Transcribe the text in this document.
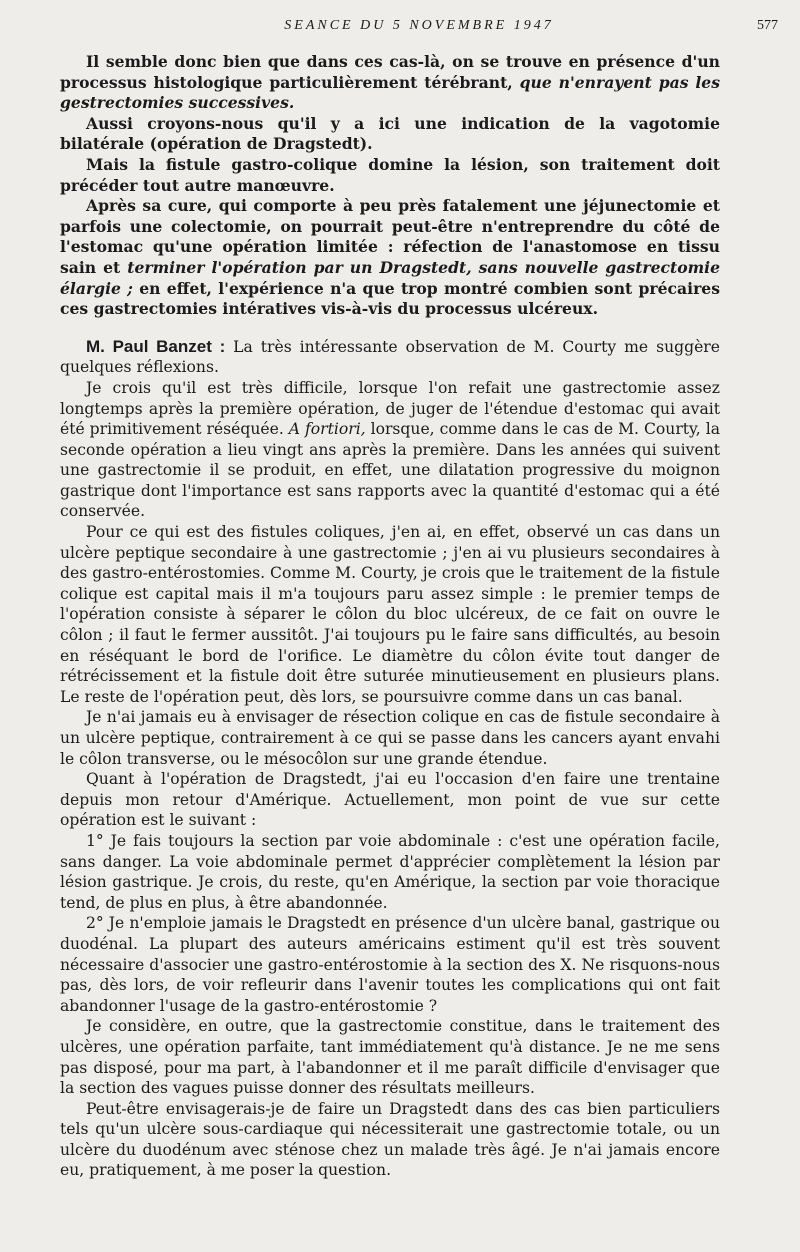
SEANCE DU 5 NOVEMBRE 1947	577

Il semble donc bien que dans ces cas-là, on se trouve en présence d'un processus histologique particulièrement térébrant, que n'enrayent pas les gestrectomies successives.

Aussi croyons-nous qu'il y a ici une indication de la vagotomie bilatérale (opération de Dragstedt).

Mais la fistule gastro-colique domine la lésion, son traitement doit précéder tout autre manœuvre.

Après sa cure, qui comporte à peu près fatalement une jéjunectomie et parfois une colectomie, on pourrait peut-être n'entreprendre du côté de l'estomac qu'une opération limitée : réfection de l'anastomose en tissu sain et terminer l'opération par un Dragstedt, sans nouvelle gastrectomie élargie ; en effet, l'expérience n'a que trop montré combien sont précaires ces gastrectomies intératives vis-à-vis du processus ulcéreux.

M. Paul Banzet : La très intéressante observation de M. Courty me suggère quelques réflexions.

Je crois qu'il est très difficile, lorsque l'on refait une gastrectomie assez longtemps après la première opération, de juger de l'étendue d'estomac qui avait été primitivement réséquée. A fortiori, lorsque, comme dans le cas de M. Courty, la seconde opération a lieu vingt ans après la première. Dans les années qui suivent une gastrectomie il se produit, en effet, une dilatation progressive du moignon gastrique dont l'importance est sans rapports avec la quantité d'estomac qui a été conservée.

Pour ce qui est des fistules coliques, j'en ai, en effet, observé un cas dans un ulcère peptique secondaire à une gastrectomie ; j'en ai vu plusieurs secondaires à des gastro-entérostomies. Comme M. Courty, je crois que le traitement de la fistule colique est capital mais il m'a toujours paru assez simple : le premier temps de l'opération consiste à séparer le côlon du bloc ulcéreux, de ce fait on ouvre le côlon ; il faut le fermer aussitôt. J'ai toujours pu le faire sans difficultés, au besoin en réséquant le bord de l'orifice. Le diamètre du côlon évite tout danger de rétrécissement et la fistule doit être suturée minutieusement en plusieurs plans. Le reste de l'opération peut, dès lors, se poursuivre comme dans un cas banal.

Je n'ai jamais eu à envisager de résection colique en cas de fistule secondaire à un ulcère peptique, contrairement à ce qui se passe dans les cancers ayant envahi le côlon transverse, ou le mésocôlon sur une grande étendue.

Quant à l'opération de Dragstedt, j'ai eu l'occasion d'en faire une trentaine depuis mon retour d'Amérique. Actuellement, mon point de vue sur cette opération est le suivant :

1° Je fais toujours la section par voie abdominale : c'est une opération facile, sans danger. La voie abdominale permet d'apprécier complètement la lésion par lésion gastrique. Je crois, du reste, qu'en Amérique, la section par voie thoracique tend, de plus en plus, à être abandonnée.

2° Je n'emploie jamais le Dragstedt en présence d'un ulcère banal, gastrique ou duodénal. La plupart des auteurs américains estiment qu'il est très souvent nécessaire d'associer une gastro-entérostomie à la section des X. Ne risquons-nous pas, dès lors, de voir refleurir dans l'avenir toutes les complications qui ont fait abandonner l'usage de la gastro-entérostomie ?

Je considère, en outre, que la gastrectomie constitue, dans le traitement des ulcères, une opération parfaite, tant immédiatement qu'à distance. Je ne me sens pas disposé, pour ma part, à l'abandonner et il me paraît difficile d'envisager que la section des vagues puisse donner des résultats meilleurs.

Peut-être envisagerais-je de faire un Dragstedt dans des cas bien particuliers tels qu'un ulcère sous-cardiaque qui nécessiterait une gastrectomie totale, ou un ulcère du duodénum avec sténose chez un malade très âgé. Je n'ai jamais encore eu, pratiquement, à me poser la question.
